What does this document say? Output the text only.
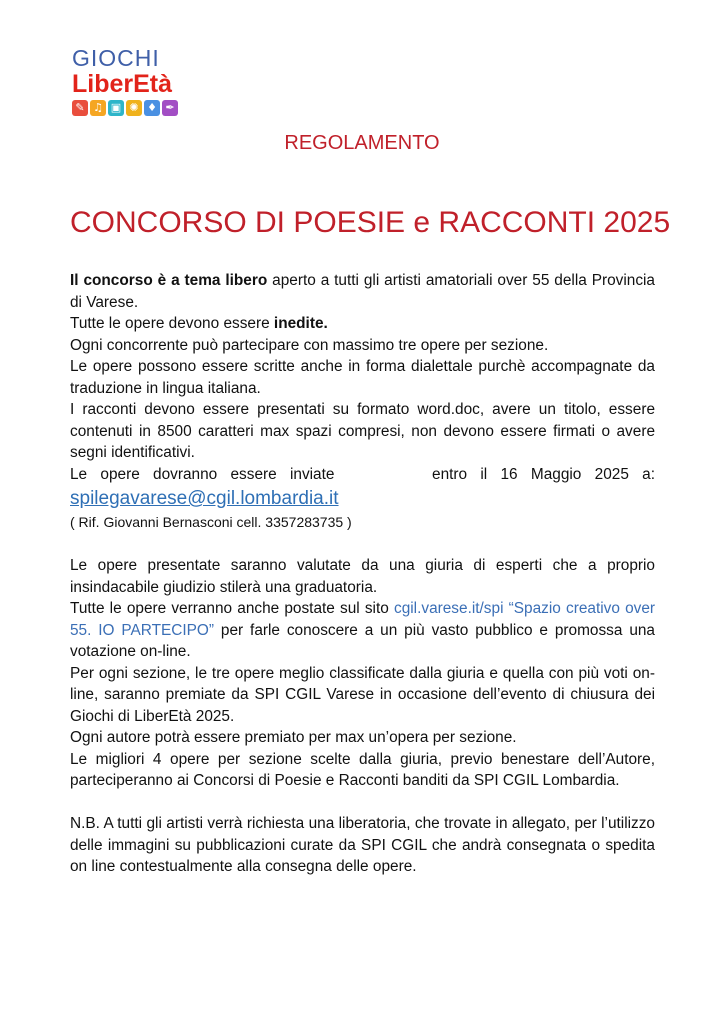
GIOCHI
LiberEtà
✎ ♫ ▣ ✺ ♦ ✒
REGOLAMENTO
CONCORSO DI POESIE e RACCONTI 2025

Il concorso è a tema libero aperto a tutti gli artisti amatoriali over 55 della Provincia di Varese.

Tutte le opere devono essere inedite.

Ogni concorrente può partecipare con massimo tre opere per sezione.

Le opere possono essere scritte anche in forma dialettale purchè accompagnate da traduzione in lingua italiana.

I racconti devono essere presentati su formato word.doc, avere un titolo, essere contenuti in 8500 caratteri max spazi compresi, non devono essere firmati o avere segni identificativi.

Le opere dovranno essere inviate	entro il 16 Maggio 2025 a:

spilegavarese@cgil.lombardia.it

( Rif. Giovanni Bernasconi cell. 3357283735 )

Le opere presentate saranno valutate da una giuria di esperti che a proprio insindacabile giudizio stilerà una graduatoria.

Tutte le opere verranno anche postate sul sito cgil.varese.it/spi “Spazio creativo over 55. IO PARTECIPO” per farle conoscere a un più vasto pubblico e promossa una votazione on-line.

Per ogni sezione, le tre opere meglio classificate dalla giuria e quella con più voti on-line, saranno premiate da SPI CGIL Varese in occasione dell’evento di chiusura dei Giochi di LiberEtà 2025.

Ogni autore potrà essere premiato per max un’opera per sezione.

Le migliori 4 opere per sezione scelte dalla giuria, previo benestare dell’Autore, parteciperanno ai Concorsi di Poesie e Racconti banditi da SPI CGIL Lombardia.

N.B. A tutti gli artisti verrà richiesta una liberatoria, che trovate in allegato, per l’utilizzo delle immagini su pubblicazioni curate da SPI CGIL che andrà consegnata o spedita on line contestualmente alla consegna delle opere.
